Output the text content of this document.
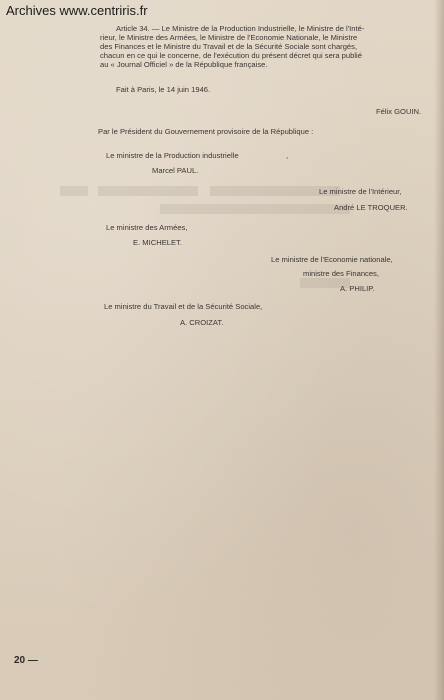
Archives www.centriris.fr
Article 34. — Le Ministre de la Production Industrielle, le Ministre de l'Inté-
rieur, le Ministre des Armées, le Ministre de l'Economie Nationale, le Ministre
des Finances et le Ministre du Travail et de la Sécurité Sociale sont chargés,
chacun en ce qui le concerne, de l'exécution du présent décret qui sera publié
au « Journal Officiel » de la République française.
Fait à Paris, le 14 juin 1946.
Félix GOUIN.
Par le Président du Gouvernement provisoire de la République :
Le ministre de la Production industrielle	,
Marcel PAUL.
Le ministre de l'Intérieur,
André LE TROQUER.
Le ministre des Armées,
E. MICHELET.
Le ministre de l'Economie nationale,
ministre des Finances,
A. PHILIP.
Le ministre du Travail et de la Sécurité Sociale,
A. CROIZAT.
20 —
